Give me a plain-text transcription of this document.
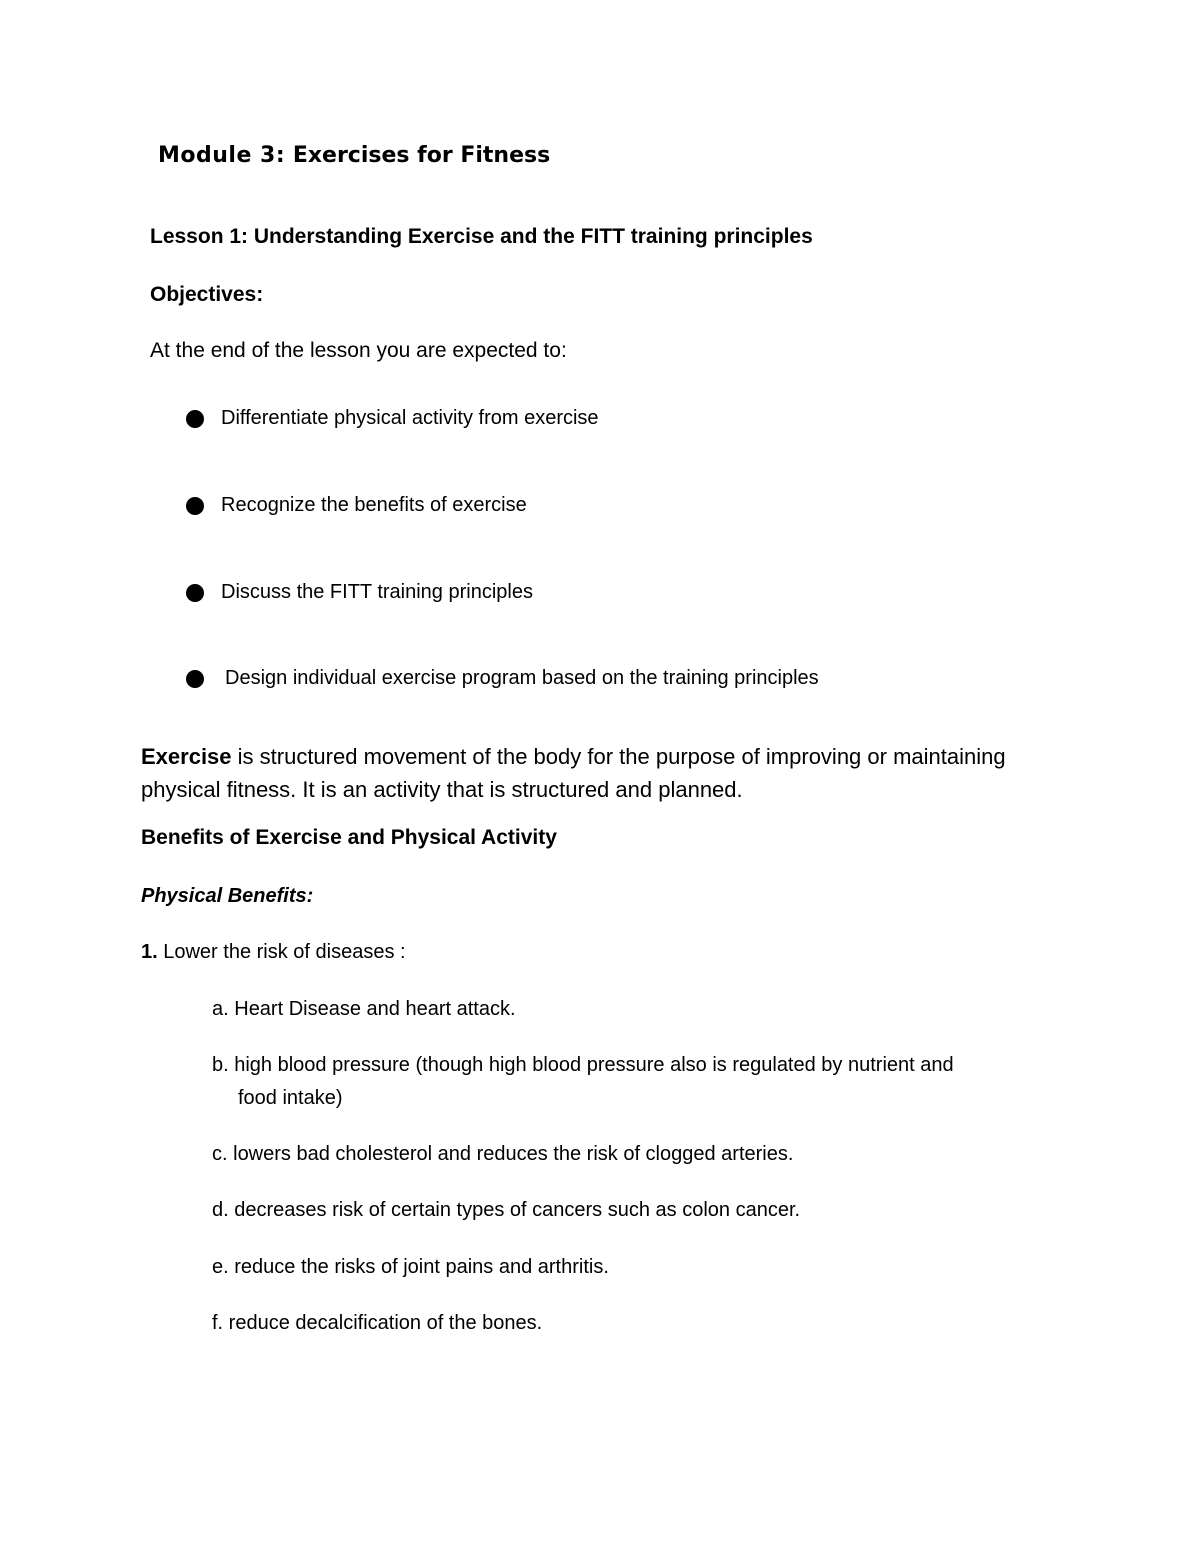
Module 3: Exercises for Fitness
Lesson 1: Understanding Exercise and the FITT training principles
Objectives:
At the end of the lesson you are expected to:
Differentiate physical activity from exercise
Recognize the benefits of exercise
Discuss the FITT training principles
Design individual exercise program based on the training principles
Exercise is structured movement of the body for the purpose of improving or maintaining physical fitness. It is an activity that is structured and planned.
Benefits of Exercise and Physical Activity
Physical Benefits:
1. Lower the risk of diseases :
a. Heart Disease and heart attack.
b. high blood pressure (though high blood pressure also is regulated by nutrient and
food intake)
c. lowers bad cholesterol and reduces the risk of clogged arteries.
d. decreases risk of certain types of cancers such as colon cancer.
e. reduce the risks of joint pains and arthritis.
f. reduce decalcification of the bones.
